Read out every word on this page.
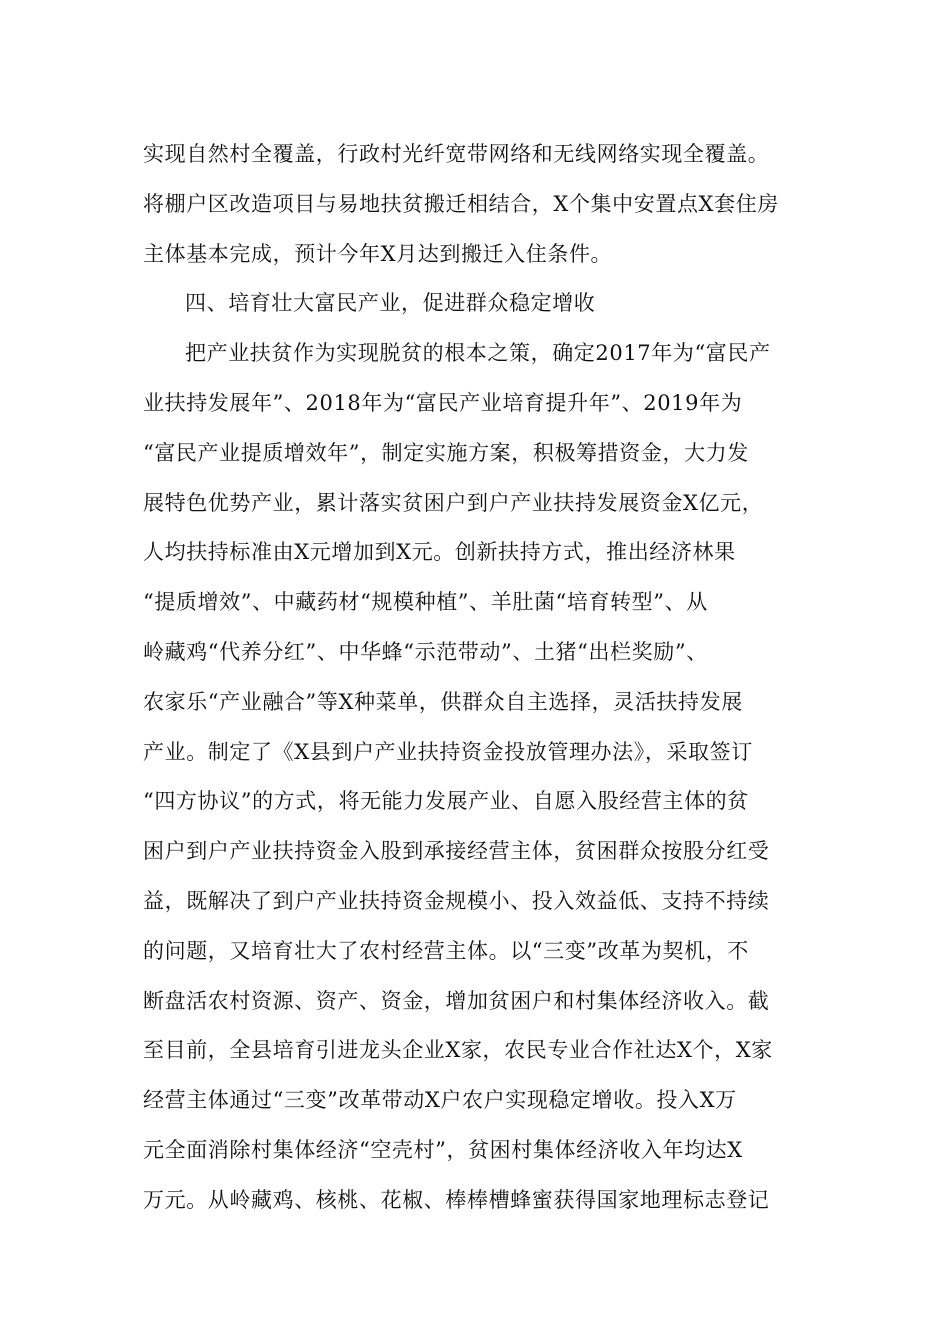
实现自然村全覆盖，行政村光纤宽带网络和无线网络实现全覆盖。
将棚户区改造项目与易地扶贫搬迁相结合，X个集中安置点X套住房
主体基本完成，预计今年X月达到搬迁入住条件。
四、培育壮大富民产业，促进群众稳定增收
把产业扶贫作为实现脱贫的根本之策，确定2017年为“富民产
业扶持发展年”、2018年为“富民产业培育提升年”、2019年为
“富民产业提质增效年”，制定实施方案，积极筹措资金，大力发
展特色优势产业，累计落实贫困户到户产业扶持发展资金X亿元，
人均扶持标准由X元增加到X元。创新扶持方式，推出经济林果
“提质增效”、中藏药材“规模种植”、羊肚菌“培育转型”、从
岭藏鸡“代养分红”、中华蜂“示范带动”、土猪“出栏奖励”、
农家乐“产业融合”等X种菜单，供群众自主选择，灵活扶持发展
产业。制定了《X县到户产业扶持资金投放管理办法》，采取签订
“四方协议”的方式，将无能力发展产业、自愿入股经营主体的贫
困户到户产业扶持资金入股到承接经营主体，贫困群众按股分红受
益，既解决了到户产业扶持资金规模小、投入效益低、支持不持续
的问题，又培育壮大了农村经营主体。以“三变”改革为契机，不
断盘活农村资源、资产、资金，增加贫困户和村集体经济收入。截
至目前，全县培育引进龙头企业X家，农民专业合作社达X个，X家
经营主体通过“三变”改革带动X户农户实现稳定增收。投入X万
元全面消除村集体经济“空壳村”，贫困村集体经济收入年均达X
万元。从岭藏鸡、核桃、花椒、棒棒槽蜂蜜获得国家地理标志登记
